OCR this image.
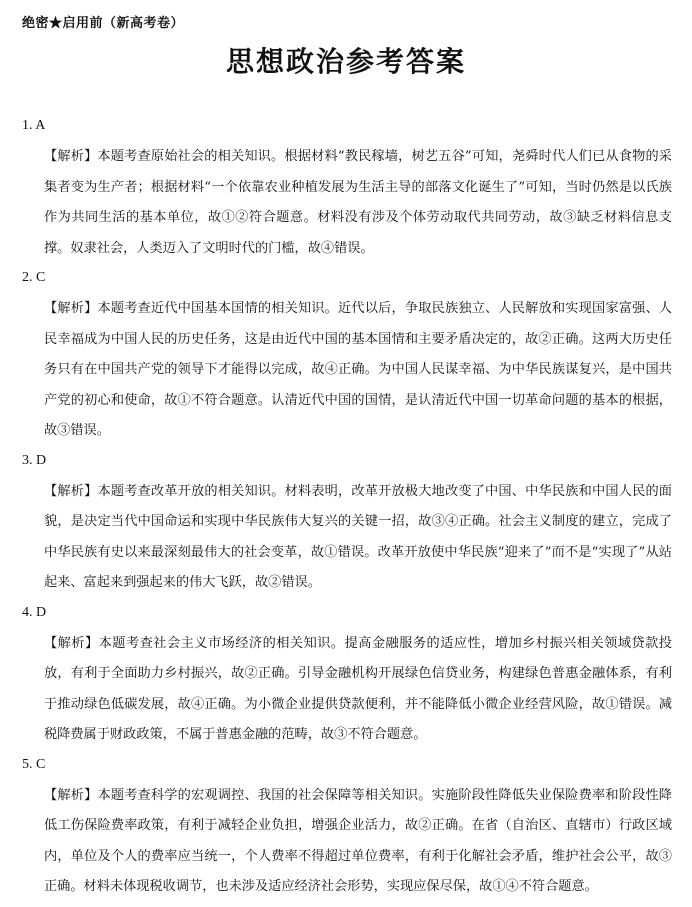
绝密★启用前（新高考卷）
思想政治参考答案
1. A
【解析】本题考查原始社会的相关知识。根据材料“教民稼墙，树艺五谷”可知，尧舜时代人们已从食物的采集者变为生产者；根据材料“一个依靠农业种植发展为生活主导的部落文化诞生了”可知，当时仍然是以氏族作为共同生活的基本单位，故①②符合题意。材料没有涉及个体劳动取代共同劳动，故③缺乏材料信息支撑。奴隶社会，人类迈入了文明时代的门槛，故④错误。
2. C
【解析】本题考查近代中国基本国情的相关知识。近代以后，争取民族独立、人民解放和实现国家富强、人民幸福成为中国人民的历史任务，这是由近代中国的基本国情和主要矛盾决定的，故②正确。这两大历史任务只有在中国共产党的领导下才能得以完成，故④正确。为中国人民谋幸福、为中华民族谋复兴，是中国共产党的初心和使命，故①不符合题意。认清近代中国的国情，是认清近代中国一切革命问题的基本的根据，故③错误。
3. D
【解析】本题考查改革开放的相关知识。材料表明，改革开放极大地改变了中国、中华民族和中国人民的面貌，是决定当代中国命运和实现中华民族伟大复兴的关键一招，故③④正确。社会主义制度的建立，完成了中华民族有史以来最深刻最伟大的社会变革，故①错误。改革开放使中华民族“迎来了”而不是“实现了”从站起来、富起来到强起来的伟大飞跃，故②错误。
4. D
【解析】本题考查社会主义市场经济的相关知识。提高金融服务的适应性，增加乡村振兴相关领域贷款投放，有利于全面助力乡村振兴，故②正确。引导金融机构开展绿色信贷业务，构建绿色普惠金融体系，有利于推动绿色低碳发展，故④正确。为小微企业提供贷款便利，并不能降低小微企业经营风险，故①错误。减税降费属于财政政策，不属于普惠金融的范畴，故③不符合题意。
5. C
【解析】本题考查科学的宏观调控、我国的社会保障等相关知识。实施阶段性降低失业保险费率和阶段性降低工伤保险费率政策，有利于减轻企业负担，增强企业活力，故②正确。在省（自治区、直辖市）行政区域内，单位及个人的费率应当统一，个人费率不得超过单位费率，有利于化解社会矛盾，维护社会公平，故③正确。材料未体现税收调节，也未涉及适应经济社会形势，实现应保尽保，故①④不符合题意。
